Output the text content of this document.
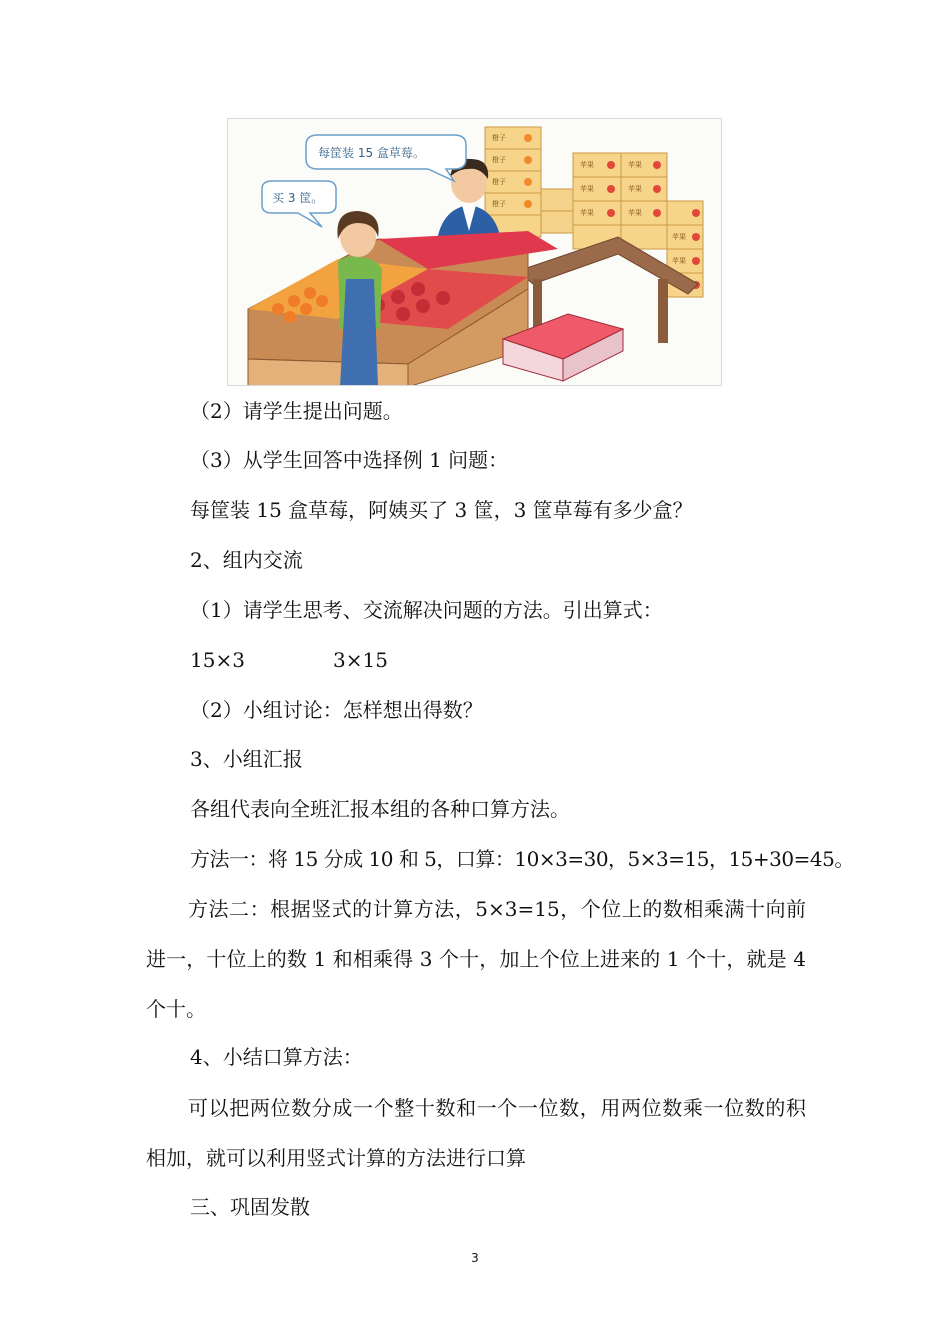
橙子
橙子
橙子
橙子
苹果	苹果
苹果	苹果
苹果	苹果
苹果
苹果
买 3 筐。
每筐装 15 盒草莓。
（2）请学生提出问题。
（3）从学生回答中选择例 1 问题：
每筐装 15 盒草莓，阿姨买了 3 筐，3 筐草莓有多少盒？
2、组内交流
（1）请学生思考、交流解决问题的方法。引出算式：
15×3	3×15
（2）小组讨论：怎样想出得数？
3、小组汇报
各组代表向全班汇报本组的各种口算方法。
方法一：将 15 分成 10 和 5，口算：10×3=30，5×3=15，15+30=45。
方法二：根据竖式的计算方法，5×3=15，个位上的数相乘满十向前进一，十位上的数 1 和相乘得 3 个十，加上个位上进来的 1 个十，就是 4 个十。
4、小结口算方法：
可以把两位数分成一个整十数和一个一位数，用两位数乘一位数的积相加，就可以利用竖式计算的方法进行口算
三、巩固发散
3
